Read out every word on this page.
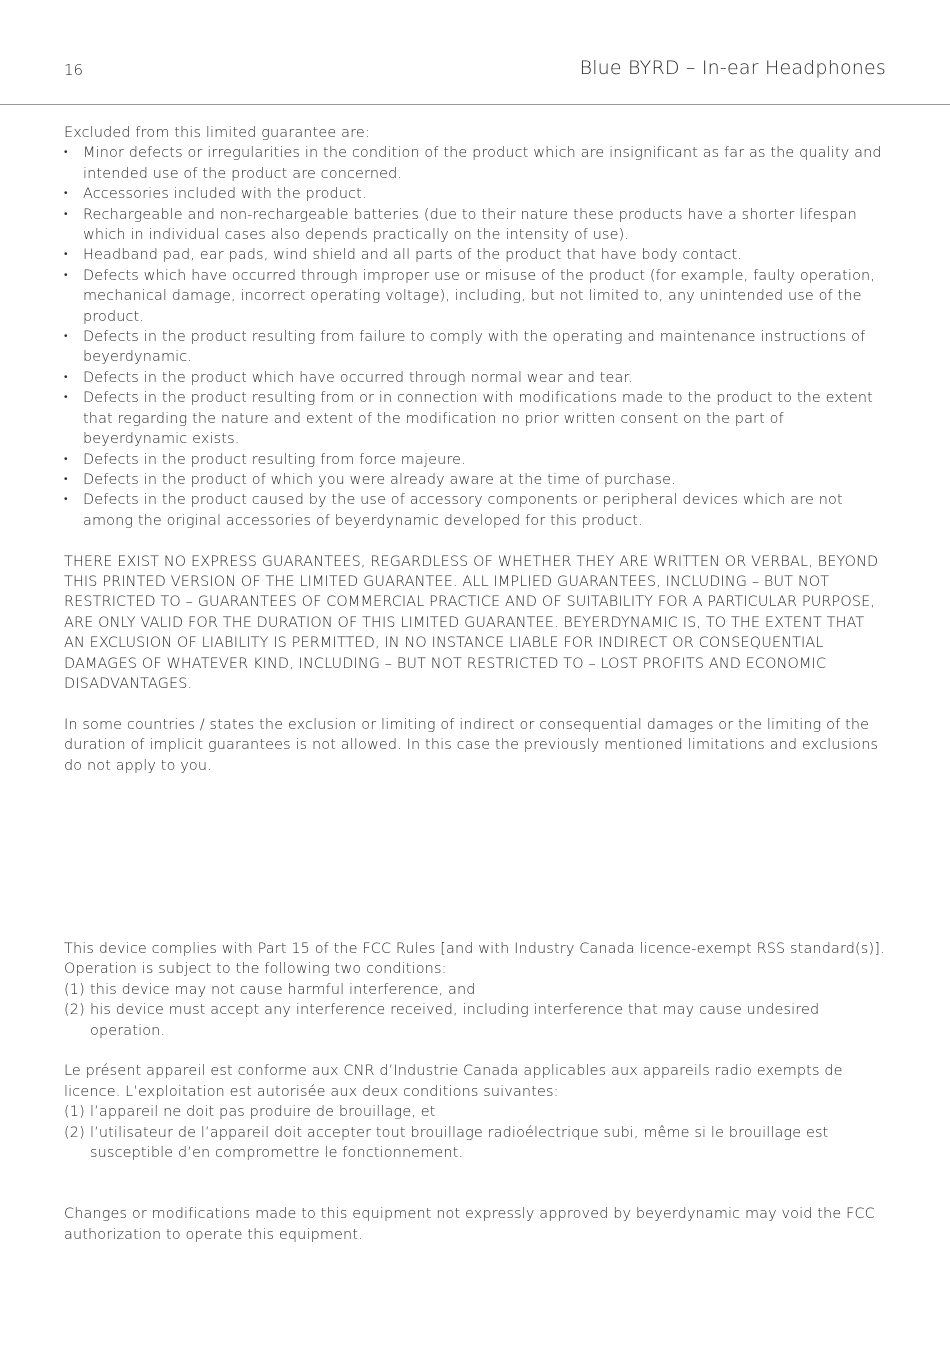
16	Blue BYRD – In-ear Headphones

Excluded from this limited guarantee are:

• Minor defects or irregularities in the condition of the product which are insignificant as far as the quality and intended use of the product are concerned.
• Accessories included with the product.
• Rechargeable and non-rechargeable batteries (due to their nature these products have a shorter lifespan which in individual cases also depends practically on the intensity of use).
• Headband pad, ear pads, wind shield and all parts of the product that have body contact.
• Defects which have occurred through improper use or misuse of the product (for example, faulty operation, mechanical damage, incorrect operating voltage), including, but not limited to, any unintended use of the product.
• Defects in the product resulting from failure to comply with the operating and maintenance instructions of beyerdynamic.
• Defects in the product which have occurred through normal wear and tear.
• Defects in the product resulting from or in connection with modifications made to the product to the extent that regarding the nature and extent of the modification no prior written consent on the part of beyerdynamic exists.
• Defects in the product resulting from force majeure.
• Defects in the product of which you were already aware at the time of purchase.
• Defects in the product caused by the use of accessory components or peripheral devices which are not among the original accessories of beyerdynamic developed for this product.

THERE EXIST NO EXPRESS GUARANTEES, REGARDLESS OF WHETHER THEY ARE WRITTEN OR VERBAL, BEYOND THIS PRINTED VERSION OF THE LIMITED GUARANTEE. ALL IMPLIED GUARANTEES, INCLUDING – BUT NOT RESTRICTED TO – GUARANTEES OF COMMERCIAL PRACTICE AND OF SUITABILITY FOR A PARTICULAR PURPOSE, ARE ONLY VALID FOR THE DURATION OF THIS LIMITED GUARANTEE. BEYERDYNAMIC IS, TO THE EXTENT THAT AN EXCLUSION OF LIABILITY IS PERMITTED, IN NO INSTANCE LIABLE FOR INDIRECT OR CONSEQUENTIAL DAMAGES OF WHATEVER KIND, INCLUDING – BUT NOT RESTRICTED TO – LOST PROFITS AND ECONOMIC DISADVANTAGES.

In some countries / states the exclusion or limiting of indirect or consequential damages or the limiting of the duration of implicit guarantees is not allowed. In this case the previously mentioned limitations and exclusions do not apply to you.

This device complies with Part 15 of the FCC Rules [and with Industry Canada licence-exempt RSS standard(s)].

Operation is subject to the following two conditions:

(1) this device may not cause harmful interference, and
(2) his device must accept any interference received, including interference that may cause undesired operation.

Le présent appareil est conforme aux CNR d’Industrie Canada applicables aux appareils radio exempts de licence. L’exploitation est autorisée aux deux conditions suivantes:

(1) l’appareil ne doit pas produire de brouillage, et
(2) l’utilisateur de l’appareil doit accepter tout brouillage radioélectrique subi, même si le brouillage est susceptible d’en compromettre le fonctionnement.

Changes or modifications made to this equipment not expressly approved by beyerdynamic may void the FCC authorization to operate this equipment.
